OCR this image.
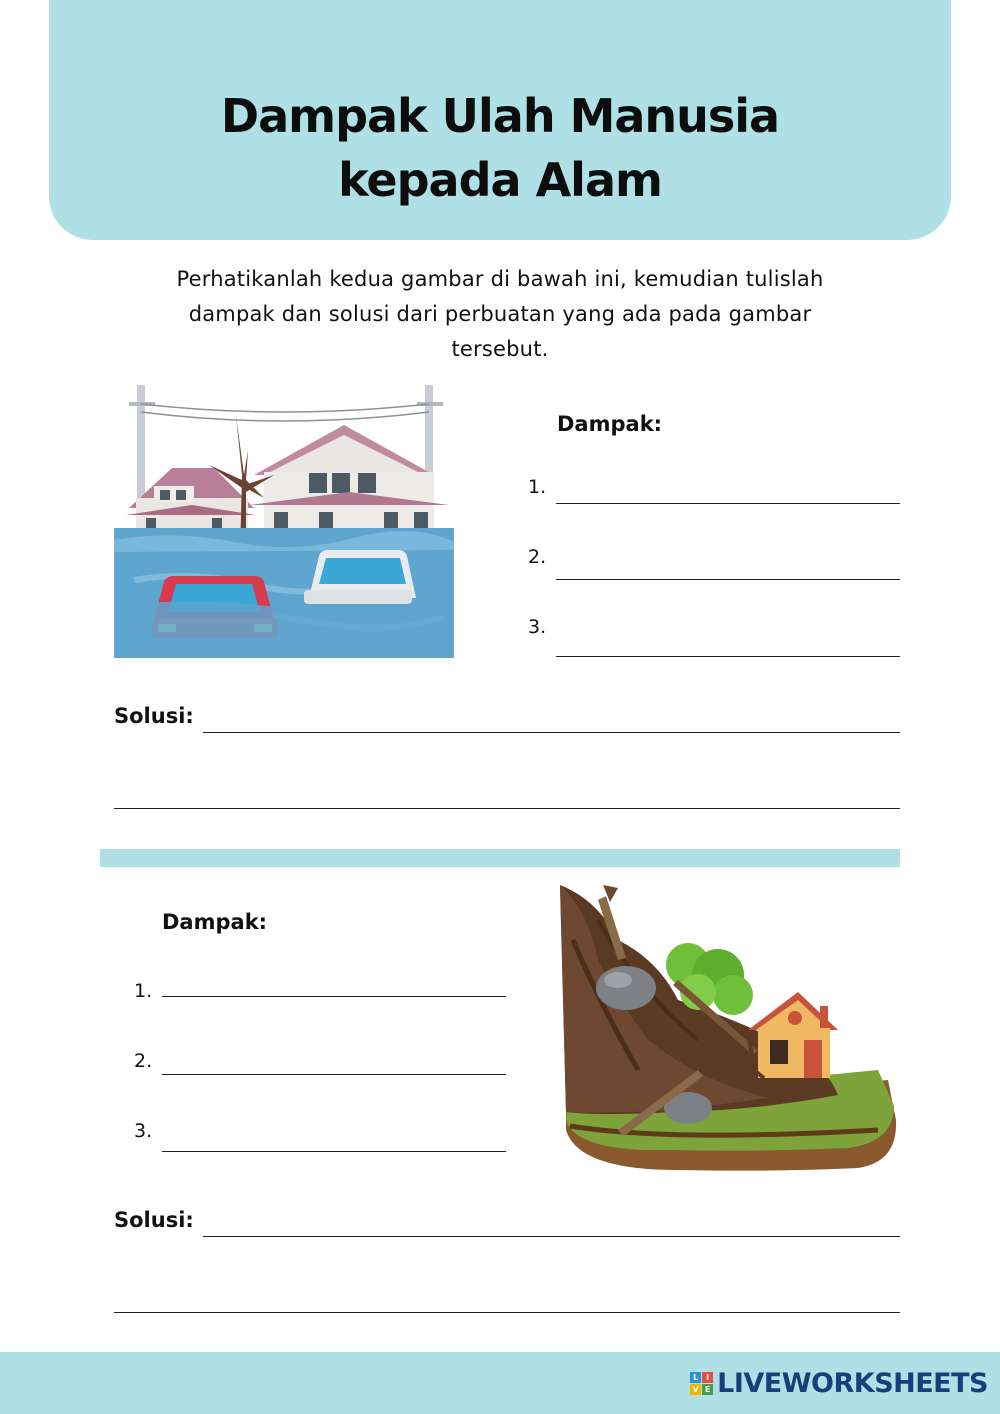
Dampak Ulah Manusia
kepada Alam
Perhatikanlah kedua gambar di bawah ini, kemudian tulislah
dampak dan solusi dari perbuatan yang ada pada gambar
tersebut.
Dampak:
1.
2.
3.
Solusi:
Dampak:
1.
2.
3.
Solusi:
L I
V E LIVEWORKSHEETS
